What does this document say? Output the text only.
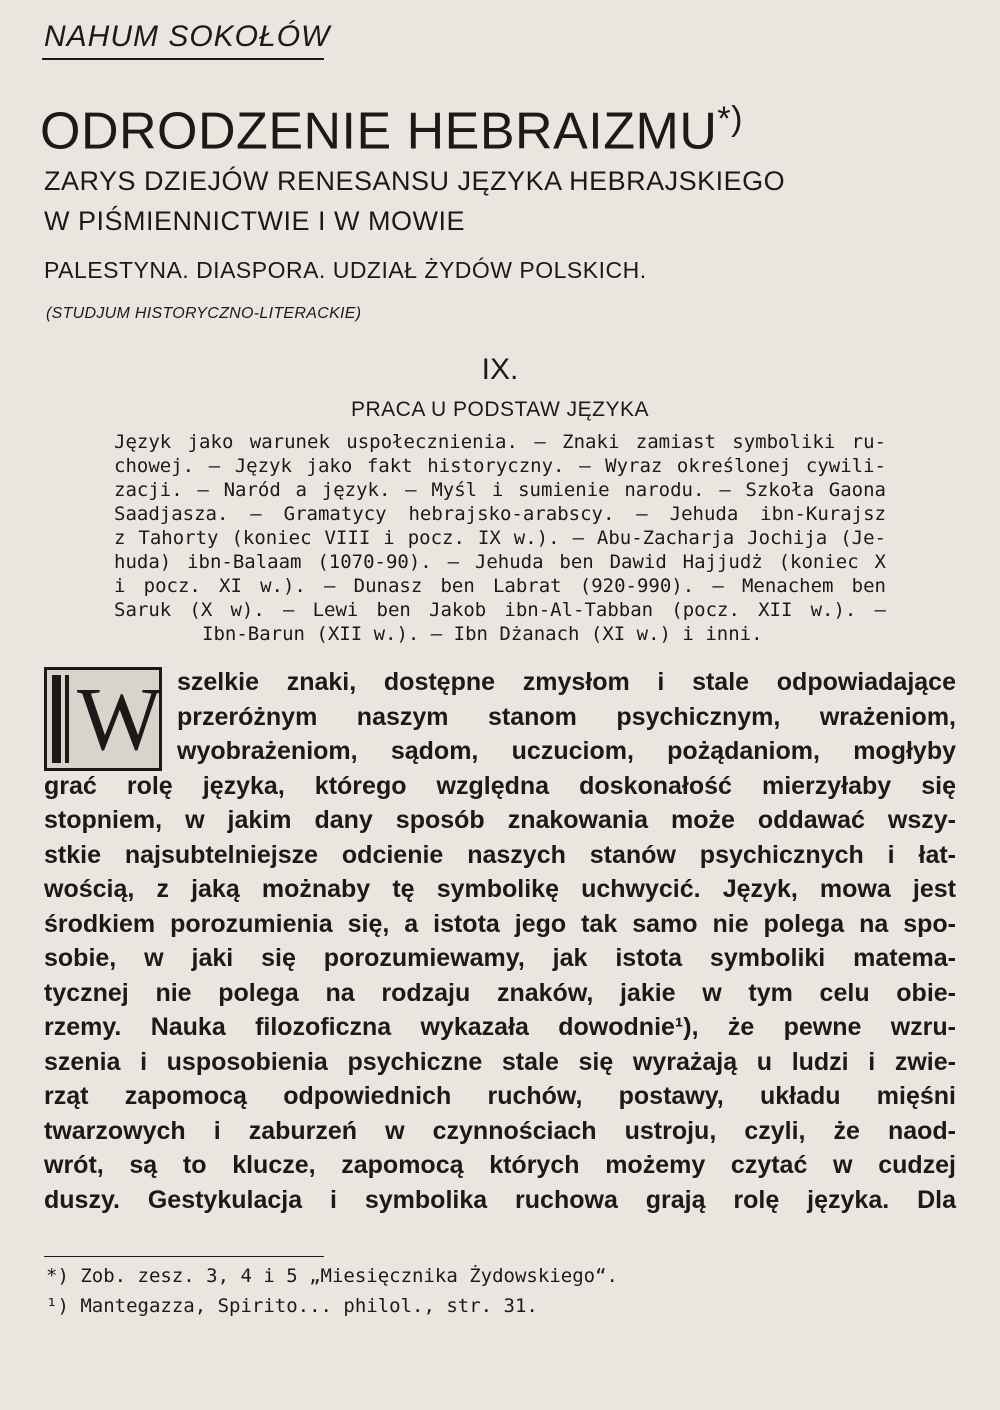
NAHUM SOKOŁÓW
ODRODZENIE HEBRAIZMU*)
ZARYS DZIEJÓW RENESANSU JĘZYKA HEBRAJSKIEGO
W PIŚMIENNICTWIE I W MOWIE
PALESTYNA. DIASPORA. UDZIAŁ ŻYDÓW POLSKICH.
(STUDJUM HISTORYCZNO-LITERACKIE)
IX.
PRACA U PODSTAW JĘZYKA
Język jako warunek uspołecznienia. — Znaki zamiast symboliki ru-
chowej. — Język jako fakt historyczny. — Wyraz określonej cywili-
zacji. — Naród a język. — Myśl i sumienie narodu. — Szkoła Gaona
Saadjasza. — Gramatycy hebrajsko-arabscy. — Jehuda ibn-Kurajsz
z Tahorty (koniec VIII i pocz. IX w.). — Abu-Zacharja Jochija (Je-
huda) ibn-Balaam (1070-90). — Jehuda ben Dawid Hajjudż (koniec X
i pocz. XI w.). — Dunasz ben Labrat (920-990). — Menachem ben
Saruk (X w). — Lewi ben Jakob ibn-Al-Tabban (pocz. XII w.). —
Ibn-Barun (XII w.). — Ibn Dżanach (XI w.) i inni.
W szelkie znaki, dostępne zmysłom i stale odpowiadające
przeróżnym naszym stanom psychicznym, wrażeniom,
wyobrażeniom, sądom, uczuciom, pożądaniom, mogłyby
grać rolę języka, którego względna doskonałość mierzyłaby się
stopniem, w jakim dany sposób znakowania może oddawać wszy-
stkie najsubtelniejsze odcienie naszych stanów psychicznych i łat-
wością, z jaką możnaby tę symbolikę uchwycić. Język, mowa jest
środkiem porozumienia się, a istota jego tak samo nie polega na spo-
sobie, w jaki się porozumiewamy, jak istota symboliki matema-
tycznej nie polega na rodzaju znaków, jakie w tym celu obie-
rzemy. Nauka filozoficzna wykazała dowodnie¹), że pewne wzru-
szenia i usposobienia psychiczne stale się wyrażają u ludzi i zwie-
rząt zapomocą odpowiednich ruchów, postawy, układu mięśni
twarzowych i zaburzeń w czynnościach ustroju, czyli, że naod-
wrót, są to klucze, zapomocą których możemy czytać w cudzej
duszy. Gestykulacja i symbolika ruchowa grają rolę języka. Dla
*) Zob. zesz. 3, 4 i 5 „Miesięcznika Żydowskiego“.
¹) Mantegazza, Spirito... philol., str. 31.
